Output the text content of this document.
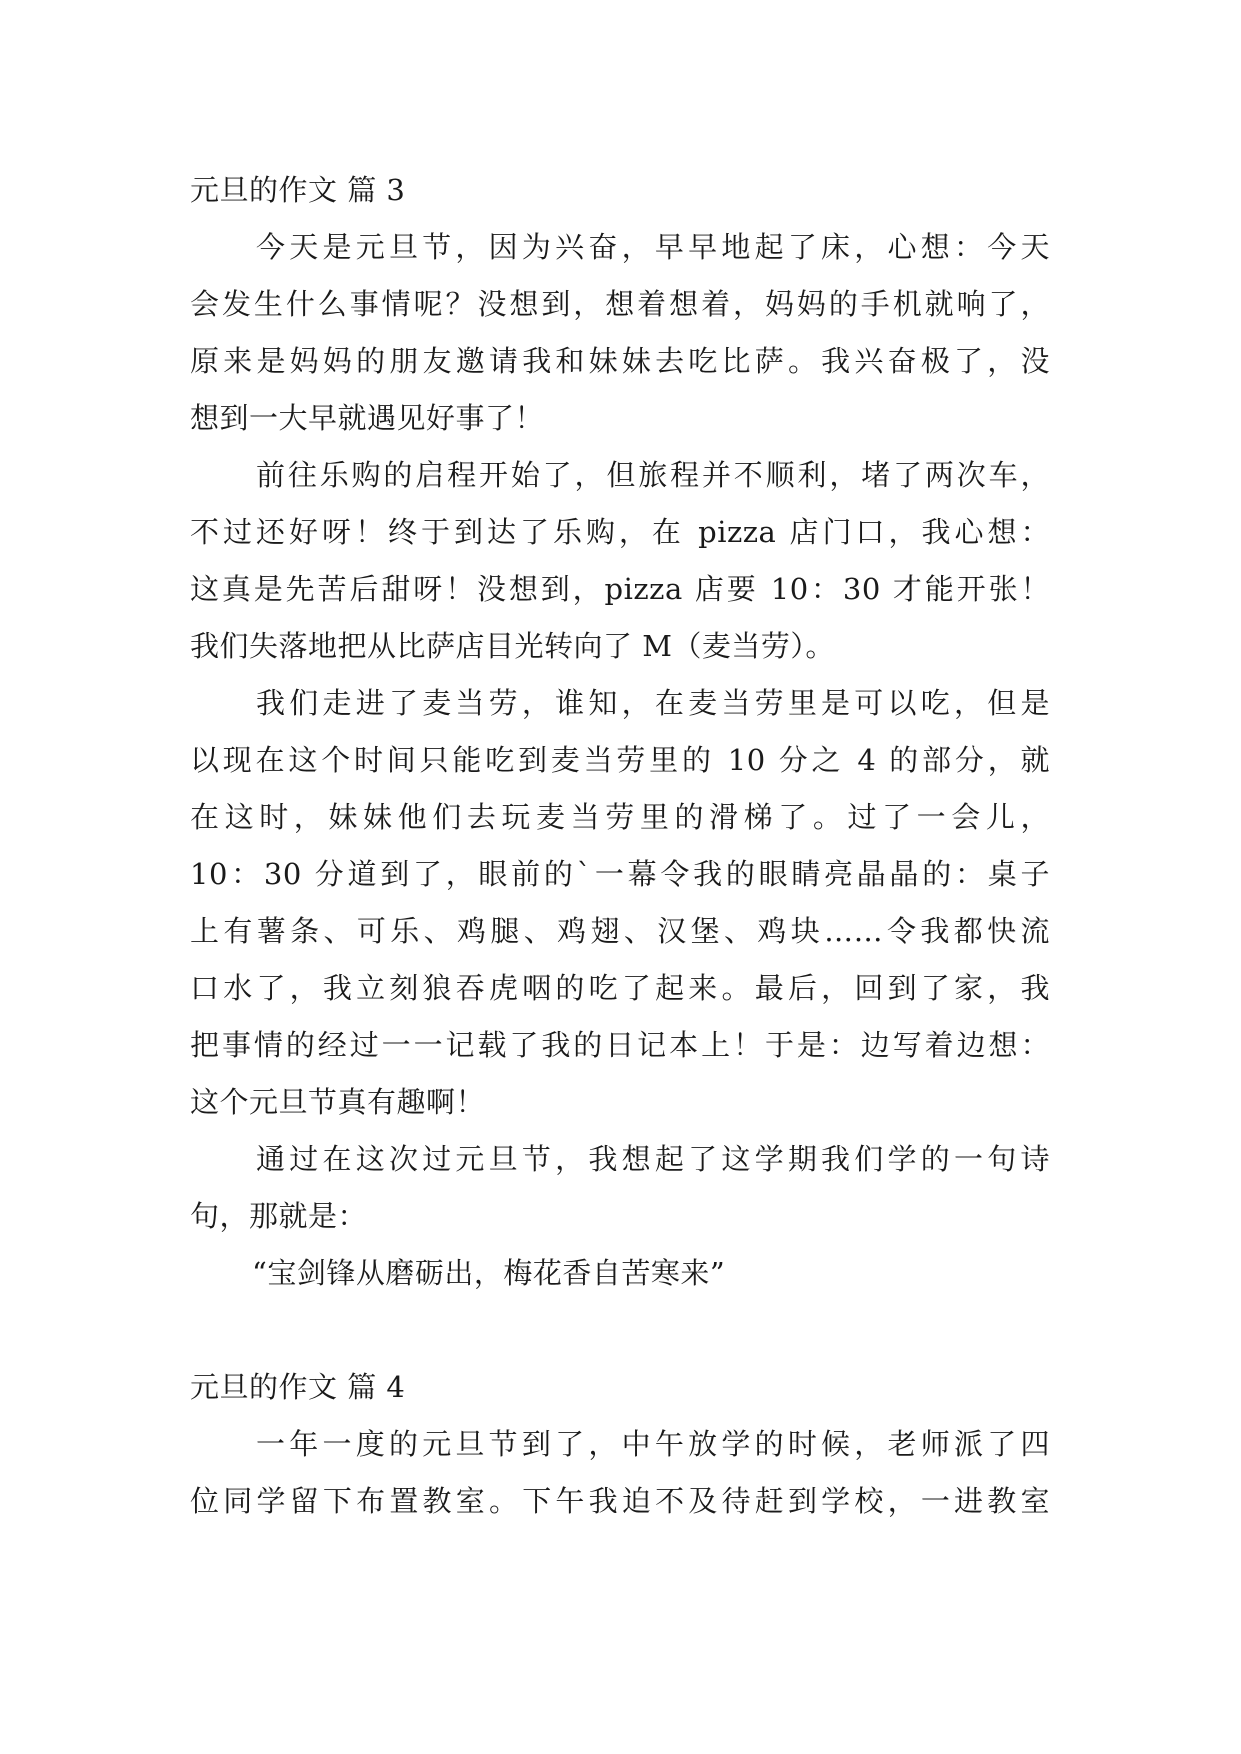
元旦的作文 篇 3
今天是元旦节，因为兴奋，早早地起了床，心想：今天
会发生什么事情呢？没想到，想着想着，妈妈的手机就响了，
原来是妈妈的朋友邀请我和妹妹去吃比萨。我兴奋极了，没
想到一大早就遇见好事了！
前往乐购的启程开始了，但旅程并不顺利，堵了两次车，
不过还好呀！终于到达了乐购，在 pizza 店门口，我心想：
这真是先苦后甜呀！没想到，pizza 店要 10：30 才能开张！
我们失落地把从比萨店目光转向了 M（麦当劳）。
我们走进了麦当劳，谁知，在麦当劳里是可以吃，但是
以现在这个时间只能吃到麦当劳里的 10 分之 4 的部分，就
在这时，妹妹他们去玩麦当劳里的滑梯了。过了一会儿，
10：30 分道到了，眼前的`一幕令我的眼睛亮晶晶的：桌子
上有薯条、可乐、鸡腿、鸡翅、汉堡、鸡块……令我都快流
口水了，我立刻狼吞虎咽的吃了起来。最后，回到了家，我
把事情的经过一一记载了我的日记本上！于是：边写着边想：
这个元旦节真有趣啊！
通过在这次过元旦节，我想起了这学期我们学的一句诗
句，那就是：
“宝剑锋从磨砺出，梅花香自苦寒来”
元旦的作文 篇 4
一年一度的元旦节到了，中午放学的时候，老师派了四
位同学留下布置教室。下午我迫不及待赶到学校，一进教室
